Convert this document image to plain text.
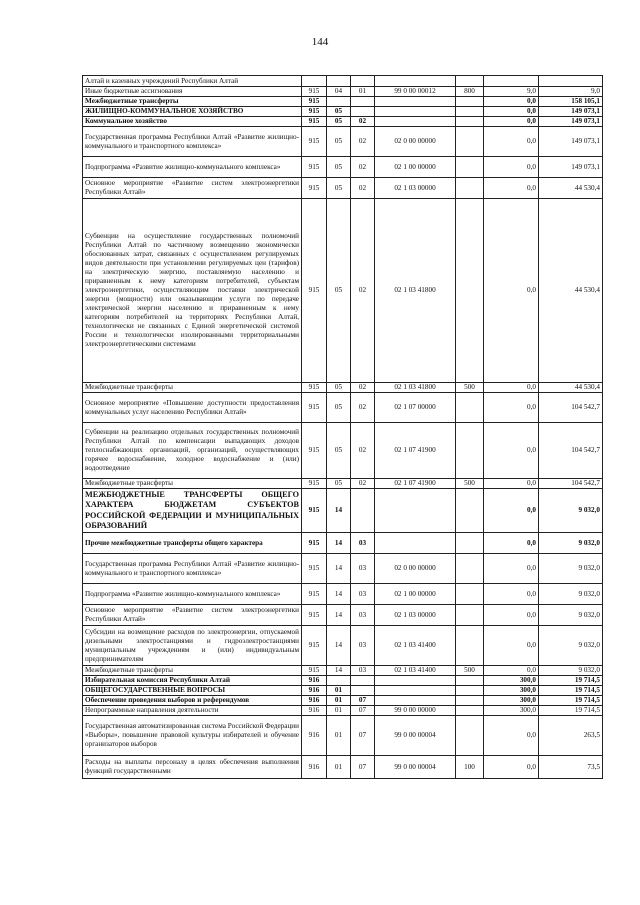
144
Алтай и казенных учреждений Республики Алтай							
Иные бюджетные ассигнования	915	04	01	99 0 00 00012	800	9,0	9,0
Межбюджетные трансферты	915					0,0	158 105,1
ЖИЛИЩНО-КОММУНАЛЬНОЕ ХОЗЯЙСТВО	915	05				0,0	149 073,1
Коммунальное хозяйство	915	05	02			0,0	149 073,1
Государственная программа Республики Алтай «Развитие жилищно-коммунального и транспортного комплекса»	915	05	02	02 0 00 00000		0,0	149 073,1
Подпрограмма «Развитие жилищно-коммунального комплекса»	915	05	02	02 1 00 00000		0,0	149 073,1
Основное мероприятие «Развитие систем электроэнергетики Республики Алтай»	915	05	02	02 1 03 00000		0,0	44 530,4
Субвенции на осуществление государственных полномочий Республики Алтай по частичному возмещению экономически обоснованных затрат, связанных с осуществлением регулируемых видов деятельности при установлении регулируемых цен (тарифов) на электрическую энергию, поставляемую населению и приравненным к нему категориям потребителей, субъектам электроэнергетики, осуществляющим поставки электрической энергии (мощности) или оказывающим услуги по передаче электрической энергии населению и приравненным к нему категориям потребителей на территориях Республики Алтай, технологически не связанных с Единой энергетической системой России и технологически изолированными территориальными электроэнергетическими системами	915	05	02	02 1 03 41800		0,0	44 530,4
Межбюджетные трансферты	915	05	02	02 1 03 41800	500	0,0	44 530,4
Основное мероприятие «Повышение доступности предоставления коммунальных услуг населению Республики Алтай»	915	05	02	02 1 07 00000		0,0	104 542,7
Субвенции на реализацию отдельных государственных полномочий Республики Алтай по компенсации выпадающих доходов теплоснабжающих организаций, организаций, осуществляющих горячее водоснабжение, холодное водоснабжение и (или) водоотведение	915	05	02	02 1 07 41900		0,0	104 542,7
Межбюджетные трансферты	915	05	02	02 1 07 41900	500	0,0	104 542,7
МЕЖБЮДЖЕТНЫЕ ТРАНСФЕРТЫ ОБЩЕГО ХАРАКТЕРА БЮДЖЕТАМ СУБЪЕКТОВ РОССИЙСКОЙ ФЕДЕРАЦИИ И МУНИЦИПАЛЬНЫХ ОБРАЗОВАНИЙ	915	14				0,0	9 032,0
Прочие межбюджетные трансферты общего характера	915	14	03			0,0	9 032,0
Государственная программа Республики Алтай «Развитие жилищно-коммунального и транспортного комплекса»	915	14	03	02 0 00 00000		0,0	9 032,0
Подпрограмма «Развитие жилищно-коммунального комплекса»	915	14	03	02 1 00 00000		0,0	9 032,0
Основное мероприятие «Развитие систем электроэнергетики Республики Алтай»	915	14	03	02 1 03 00000		0,0	9 032,0
Субсидии на возмещение расходов по электроэнергии, отпускаемой дизельными электростанциями и гидроэлектростанциями муниципальным учреждениям и (или) индивидуальным предпринимателям	915	14	03	02 1 03 41400		0,0	9 032,0
Межбюджетные трансферты	915	14	03	02 1 03 41400	500	0,0	9 032,0
Избирательная комиссия Республики Алтай	916					300,0	19 714,5
ОБЩЕГОСУДАРСТВЕННЫЕ ВОПРОСЫ	916	01				300,0	19 714,5
Обеспечение проведения выборов и референдумов	916	01	07			300,0	19 714,5
Непрограммные направления деятельности	916	01	07	99 0 00 00000		300,0	19 714,5
Государственная автоматизированная система Российской Федерации «Выборы», повышение правовой культуры избирателей и обучение организаторов выборов	916	01	07	99 0 00 00004		0,0	263,5
Расходы на выплаты персоналу в целях обеспечения выполнения функций государственными	916	01	07	99 0 00 00004	100	0,0	73,5
